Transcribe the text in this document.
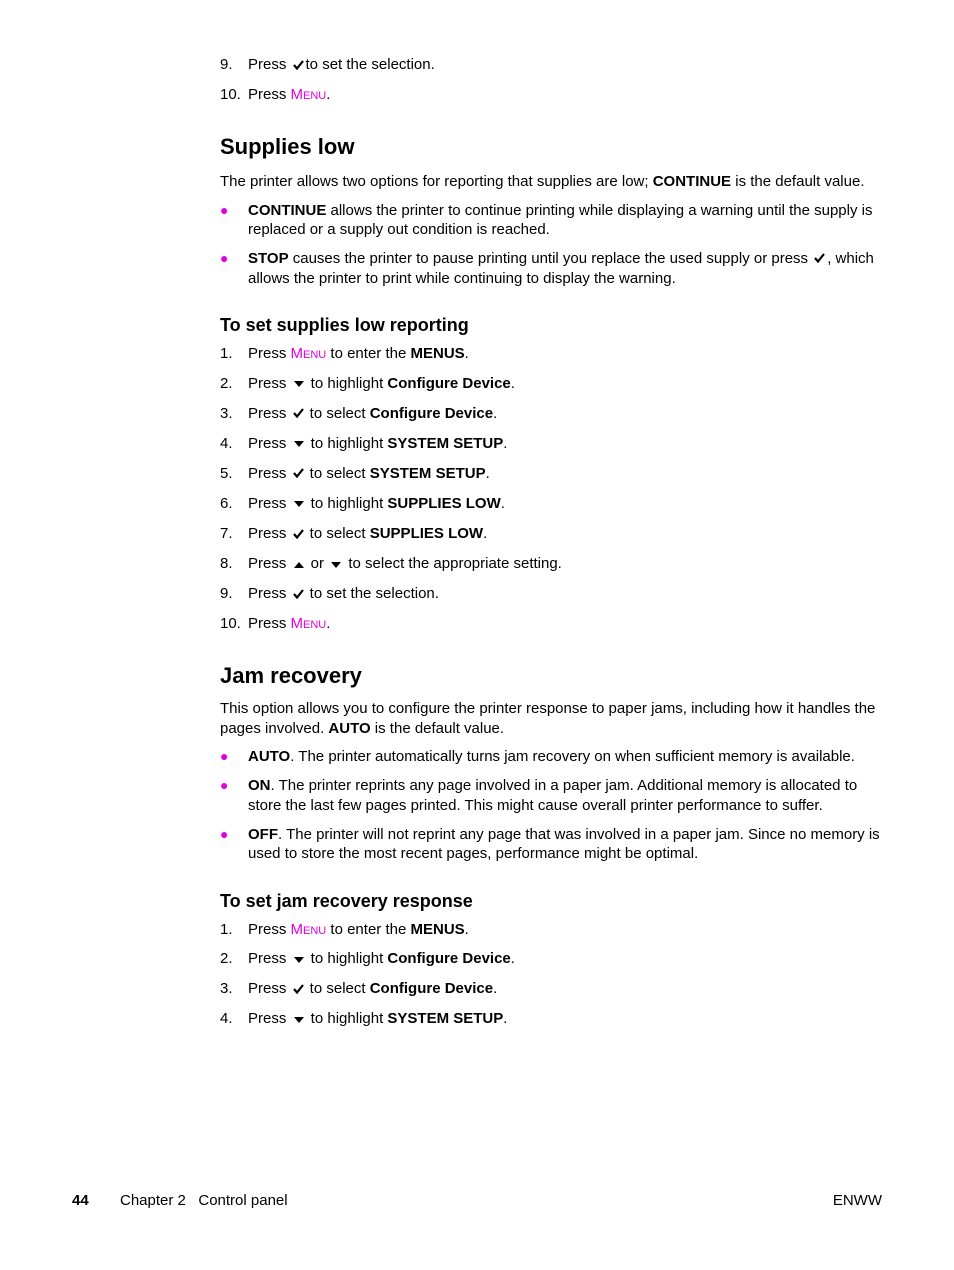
9. Press to set the selection.
10. Press Menu.
Supplies low

The printer allows two options for reporting that supplies are low; CONTINUE is the default value.

● CONTINUE allows the printer to continue printing while displaying a warning until the supply is replaced or a supply out condition is reached.
● STOP causes the printer to pause printing until you replace the used supply or press , which allows the printer to print while continuing to display the warning.
To set supplies low reporting
1. Press Menu to enter the MENUS.
2. Press  to highlight Configure Device.
3. Press  to select Configure Device.
4. Press  to highlight SYSTEM SETUP.
5. Press  to select SYSTEM SETUP.
6. Press  to highlight SUPPLIES LOW.
7. Press  to select SUPPLIES LOW.
8. Press  or  to select the appropriate setting.
9. Press  to set the selection.
10. Press Menu.
Jam recovery

This option allows you to configure the printer response to paper jams, including how it handles the pages involved. AUTO is the default value.

● AUTO. The printer automatically turns jam recovery on when sufficient memory is available.
● ON. The printer reprints any page involved in a paper jam. Additional memory is allocated to store the last few pages printed. This might cause overall printer performance to suffer.
● OFF. The printer will not reprint any page that was involved in a paper jam. Since no memory is used to store the most recent pages, performance might be optimal.
To set jam recovery response
1. Press Menu to enter the MENUS.
2. Press  to highlight Configure Device.
3. Press  to select Configure Device.
4. Press  to highlight SYSTEM SETUP.
44 Chapter 2   Control panel	ENWW
